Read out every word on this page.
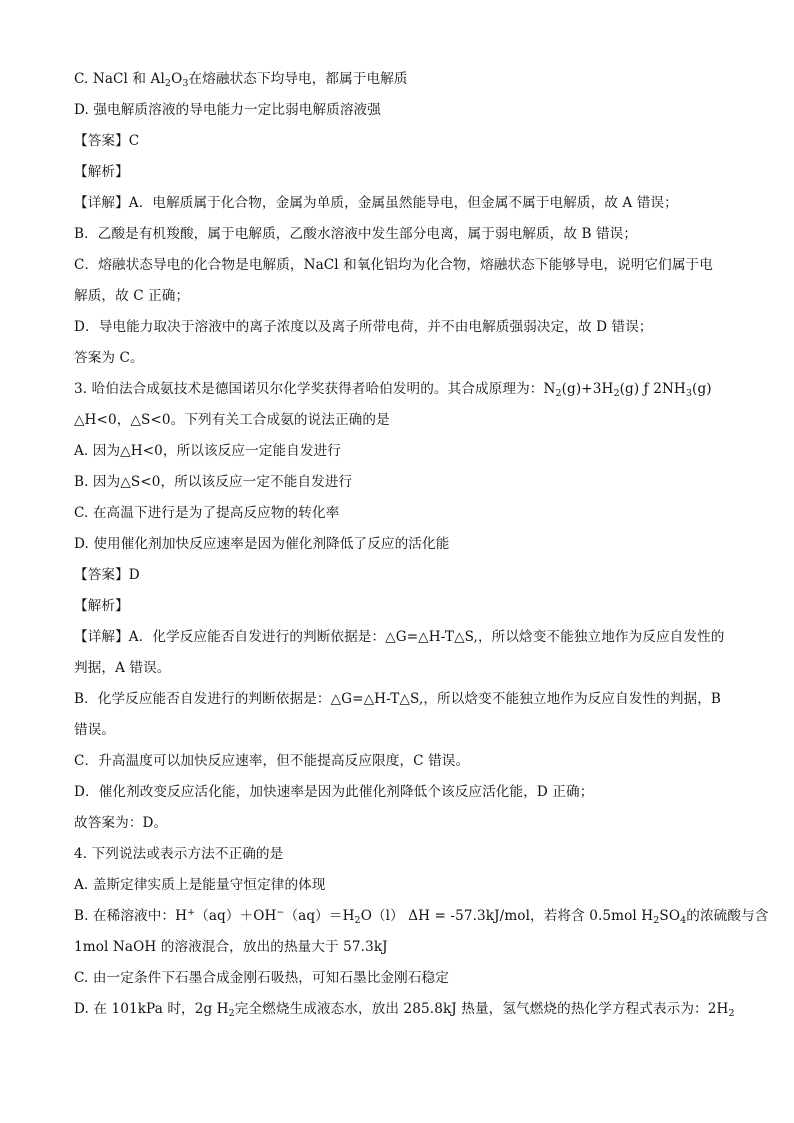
C. NaCl 和 $Al_2O_3$在熔融状态下均导电，都属于电解质
D. 强电解质溶液的导电能力一定比弱电解质溶液强
【答案】C
【解析】
【详解】A．电解质属于化合物，金属为单质，金属虽然能导电，但金属不属于电解质，故 A 错误；
B．乙酸是有机羧酸，属于电解质，乙酸水溶液中发生部分电离，属于弱电解质，故 B 错误；
C．熔融状态导电的化合物是电解质，NaCl 和氧化铝均为化合物，熔融状态下能够导电，说明它们属于电
解质，故 C 正确；
D．导电能力取决于溶液中的离子浓度以及离子所带电荷，并不由电解质强弱决定，故 D 错误；
答案为 C。
3. 哈伯法合成氨技术是德国诺贝尔化学奖获得者哈伯发明的。其合成原理为：$N_2(g)+3H_2(g)$ ƒ $2NH_3(g)$
△H<0，△S<0。下列有关工合成氨的说法正确的是
A. 因为△H<0，所以该反应一定能自发进行
B. 因为△S<0，所以该反应一定不能自发进行
C. 在高温下进行是为了提高反应物的转化率
D. 使用催化剂加快反应速率是因为催化剂降低了反应的活化能
【答案】D
【解析】
【详解】A．化学反应能否自发进行的判断依据是：△G=△H-T△S,，所以焓变不能独立地作为反应自发性的
判据，A 错误。
B．化学反应能否自发进行的判断依据是：△G=△H-T△S,，所以焓变不能独立地作为反应自发性的判据，B
错误。
C．升高温度可以加快反应速率，但不能提高反应限度，C 错误。
D．催化剂改变反应活化能，加快速率是因为此催化剂降低个该反应活化能，D 正确；
故答案为：D。
4. 下列说法或表示方法不正确的是
A. 盖斯定律实质上是能量守恒定律的体现
B. 在稀溶液中：$H^+(aq)+OH^-(aq)=H_2O(l) \Delta H = -57.3kJ/mol$，若将含 0.5mol $H_2SO_4$的浓硫酸与含
1mol NaOH 的溶液混合，放出的热量大于 57.3kJ
C. 由一定条件下石墨合成金刚石吸热，可知石墨比金刚石稳定
D. 在 101kPa 时，2g $H_2$完全燃烧生成液态水，放出 285.8kJ 热量，氢气燃烧的热化学方程式表示为：$2H_2$
